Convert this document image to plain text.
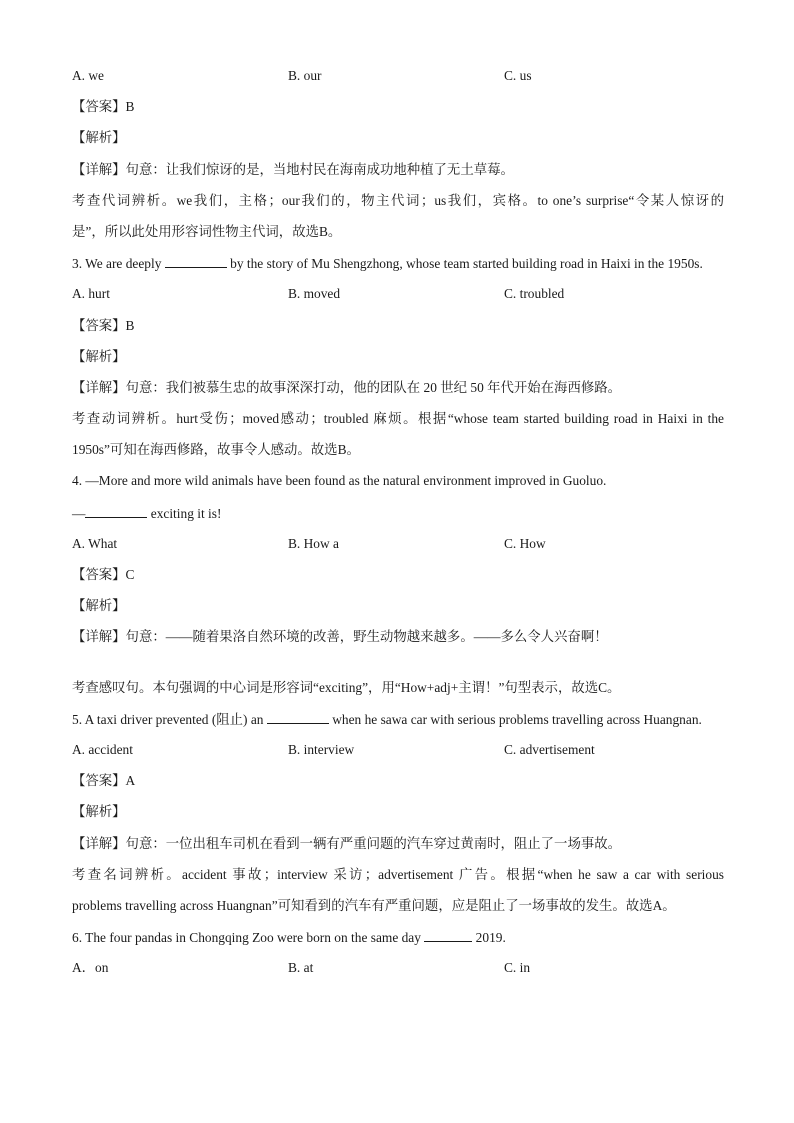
A. we	B. our	C. us
【答案】B
【解析】
【详解】句意：让我们惊讶的是，当地村民在海南成功地种植了无土草莓。
考查代词辨析。we我们，主格；our我们的，物主代词；us我们，宾格。to one’s surprise“令某人惊讶的
是”，所以此处用形容词性物主代词，故选B。
3. We are deeply	by the story of Mu Shengzhong, whose team started building road in Haixi in the 1950s.
A. hurt	B. moved	C. troubled
【答案】B
【解析】
【详解】句意：我们被慕生忠的故事深深打动，他的团队在 20 世纪 50 年代开始在海西修路。
考查动词辨析。hurt受伤；moved感动；troubled 麻烦。根据“whose team started building road in Haixi in the
1950s”可知在海西修路，故事令人感动。故选B。
4. —More and more wild animals have been found as the natural environment improved in Guoluo.
—	exciting it is!
A. What	B. How a	C. How
【答案】C
【解析】
【详解】句意：——随着果洛自然环境的改善，野生动物越来越多。——多么令人兴奋啊！
考查感叹句。本句强调的中心词是形容词“exciting”，用“How+adj+主谓！”句型表示，故选C。
5. A taxi driver prevented (阻止) an	when he sawa car with serious problems travelling across Huangnan.
A. accident	B. interview	C. advertisement
【答案】A
【解析】
【详解】句意：一位出租车司机在看到一辆有严重问题的汽车穿过黄南时，阻止了一场事故。
考查名词辨析。accident 事故；interview 采访；advertisement 广告。根据“when he saw a car with serious
problems travelling across Huangnan”可知看到的汽车有严重问题，应是阻止了一场事故的发生。故选A。
6. The four pandas in Chongqing Zoo were born on the same day	2019.
A．on	B. at	C. in
